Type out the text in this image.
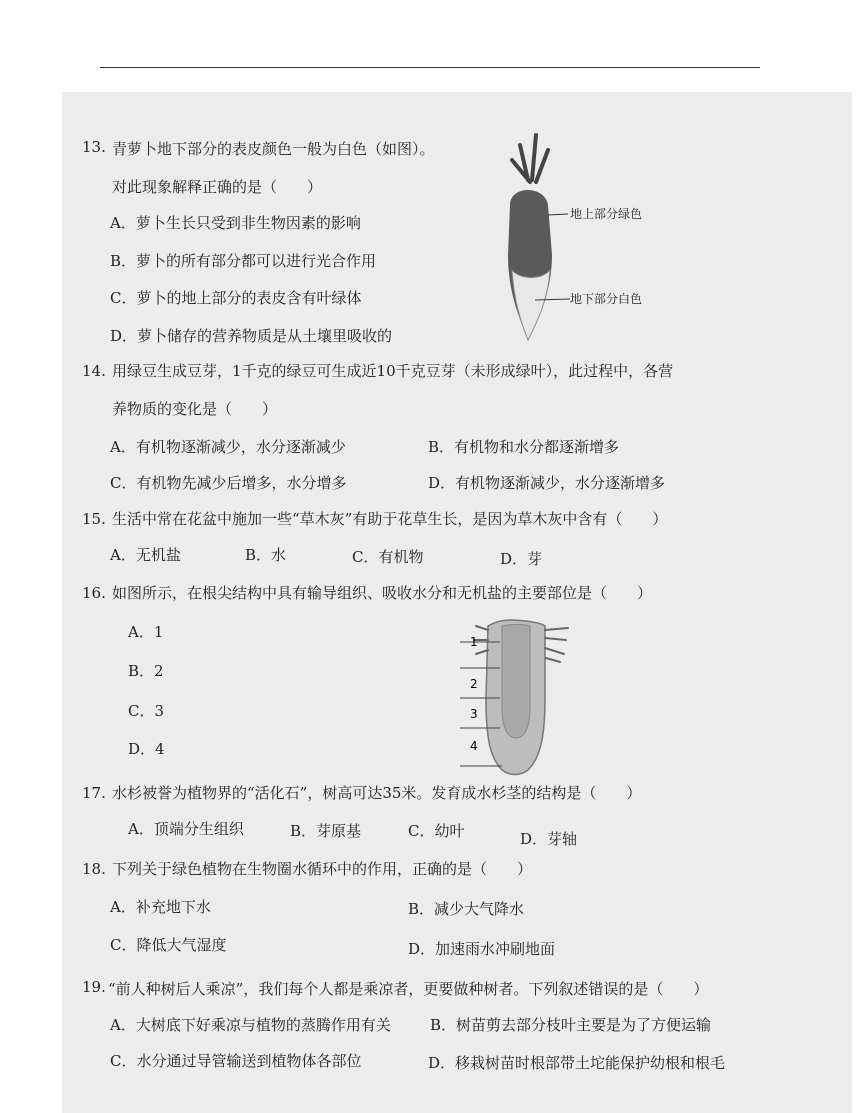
13. 青萝卜地下部分的表皮颜色一般为白色（如图）。
对此现象解释正确的是（　　）
A．萝卜生长只受到非生物因素的影响
B．萝卜的所有部分都可以进行光合作用
C．萝卜的地上部分的表皮含有叶绿体
D．萝卜储存的营养物质是从土壤里吸收的
地上部分绿色
地下部分白色
14. 用绿豆生成豆芽，1千克的绿豆可生成近10千克豆芽（未形成绿叶），此过程中，各营
养物质的变化是（　　）
A．有机物逐渐减少，水分逐渐减少	B．有机物和水分都逐渐增多
C．有机物先减少后增多，水分增多	D．有机物逐渐减少，水分逐渐增多
15. 生活中常在花盆中施加一些“草木灰”有助于花草生长，是因为草木灰中含有（　　）
A．无机盐	B．水	C．有机物	D．芽
16. 如图所示，在根尖结构中具有输导组织、吸收水分和无机盐的主要部位是（　　）
A．1
B．2
C．3
D．4
1
2
3
4
17. 水杉被誉为植物界的“活化石”，树高可达35米。发育成水杉茎的结构是（　　）
A．顶端分生组织	B．芽原基	C．幼叶	D．芽轴
18. 下列关于绿色植物在生物圈水循环中的作用，正确的是（　　）
A．补充地下水	B．减少大气降水
C．降低大气湿度	D．加速雨水冲刷地面
19. “前人种树后人乘凉”，我们每个人都是乘凉者，更要做种树者。下列叙述错误的是（　　）
A．大树底下好乘凉与植物的蒸腾作用有关	B．树苗剪去部分枝叶主要是为了方便运输
C．水分通过导管输送到植物体各部位	D．移栽树苗时根部带土坨能保护幼根和根毛
